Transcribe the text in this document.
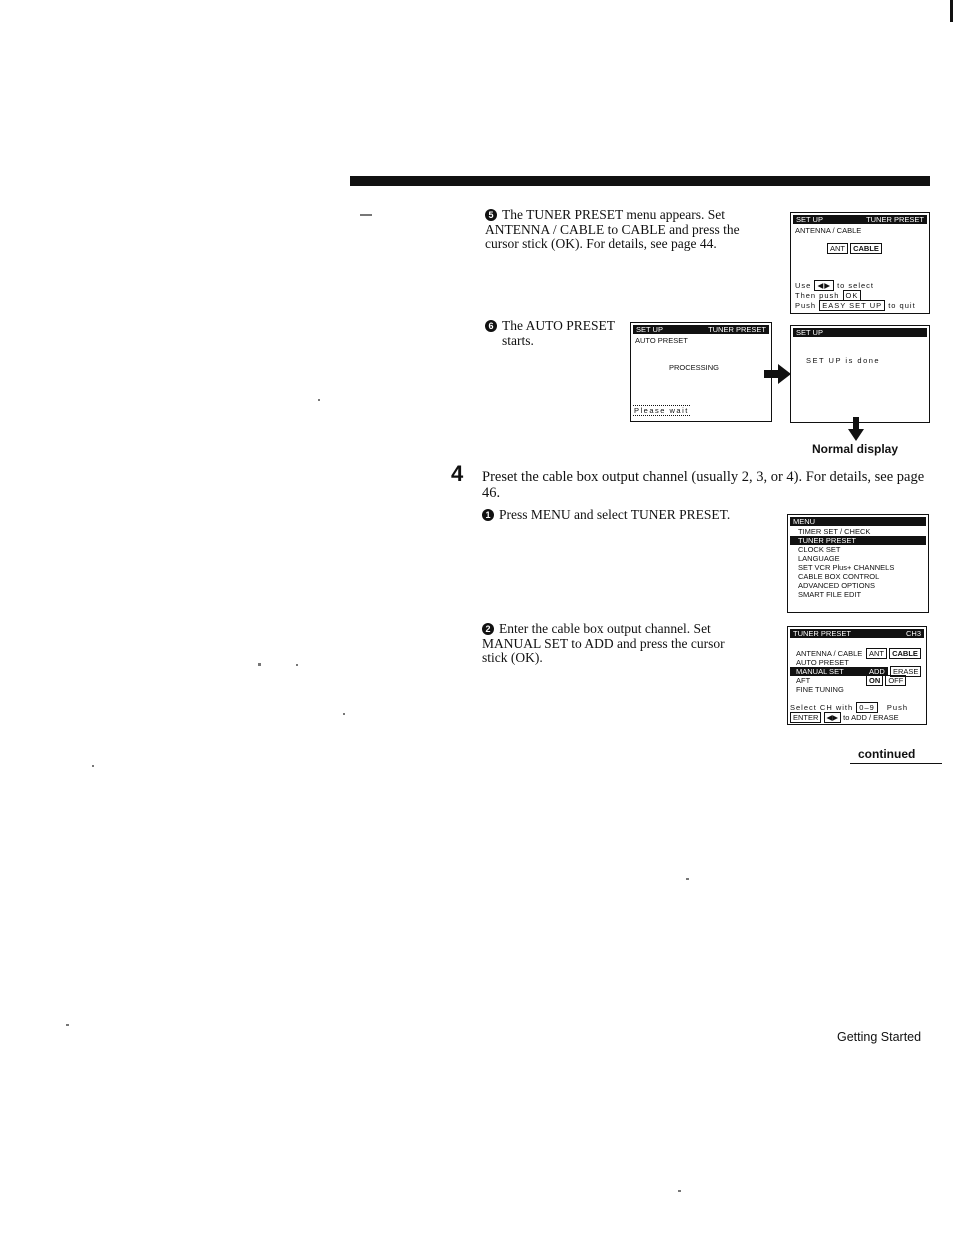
5 The TUNER PRESET menu appears. Set ANTENNA / CABLE to CABLE and press the cursor stick (OK). For details, see page 44.
SET UP	TUNER PRESET
ANTENNA / CABLE
ANT CABLE
Use ◀▶ to select
Then push OK
Push EASY SET UP to quit
6 The AUTO PRESET
starts.
SET UP	TUNER PRESET
AUTO PRESET
PROCESSING
Please wait
SET UP
SET UP is done
Normal display
4 Preset the cable box output channel (usually 2, 3, or 4). For details, see page 46.
1 Press MENU and select TUNER PRESET.	MENU
TIMER SET / CHECK
TUNER PRESET
CLOCK SET
LANGUAGE
SET VCR Plus+ CHANNELS
CABLE BOX CONTROL
ADVANCED OPTIONS
SMART FILE EDIT
2 Enter the cable box output channel. Set MANUAL SET to ADD and press the cursor stick (OK).
TUNER PRESET	CH3
ANTENNA / CABLE ANT CABLE
AUTO PRESET
MANUAL SET	ADD ERASE
AFT	ON OFF
FINE TUNING
Select CH with 0–9 Push
ENTER ◀▶ to ADD / ERASE
continued
Getting Started
